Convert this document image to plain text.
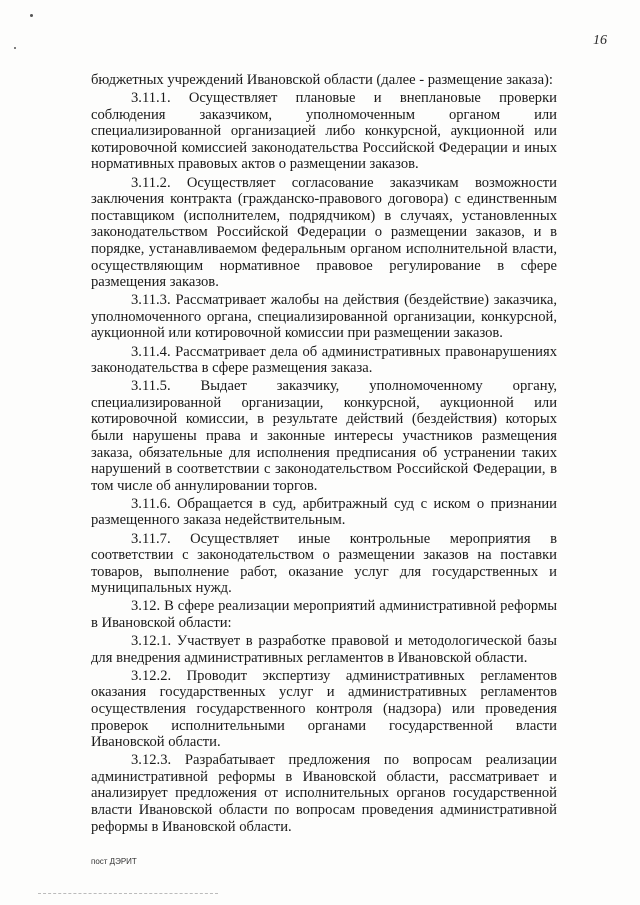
16

бюджетных учреждений Ивановской области (далее - размещение заказа):

3.11.1. Осуществляет плановые и внеплановые проверки соблюдения заказчиком, уполномоченным органом или специализированной организацией либо конкурсной, аукционной или котировочной комиссией законодательства Российской Федерации и иных нормативных правовых актов о размещении заказов.

3.11.2. Осуществляет согласование заказчикам возможности заключения контракта (гражданско-правового договора) с единственным поставщиком (исполнителем, подрядчиком) в случаях, установленных законодательством Российской Федерации о размещении заказов, и в порядке, устанавливаемом федеральным органом исполнительной власти, осуществляющим нормативное правовое регулирование в сфере размещения заказов.

3.11.3. Рассматривает жалобы на действия (бездействие) заказчика, уполномоченного органа, специализированной организации, конкурсной, аукционной или котировочной комиссии при размещении заказов.

3.11.4. Рассматривает дела об административных правонарушениях законодательства в сфере размещения заказа.

3.11.5. Выдает заказчику, уполномоченному органу, специализированной организации, конкурсной, аукционной или котировочной комиссии, в результате действий (бездействия) которых были нарушены права и законные интересы участников размещения заказа, обязательные для исполнения предписания об устранении таких нарушений в соответствии с законодательством Российской Федерации, в том числе об аннулировании торгов.

3.11.6. Обращается в суд, арбитражный суд с иском о признании размещенного заказа недействительным.

3.11.7. Осуществляет иные контрольные мероприятия в соответствии с законодательством о размещении заказов на поставки товаров, выполнение работ, оказание услуг для государственных и муниципальных нужд.

3.12. В сфере реализации мероприятий административной реформы в Ивановской области:

3.12.1. Участвует в разработке правовой и методологической базы для внедрения административных регламентов в Ивановской области.

3.12.2. Проводит экспертизу административных регламентов оказания государственных услуг и административных регламентов осуществления государственного контроля (надзора) или проведения проверок исполнительными органами государственной власти Ивановской области.

3.12.3. Разрабатывает предложения по вопросам реализации административной реформы в Ивановской области, рассматривает и анализирует предложения от исполнительных органов государственной власти Ивановской области по вопросам проведения административной реформы в Ивановской области.

пост ДЭРИТ
